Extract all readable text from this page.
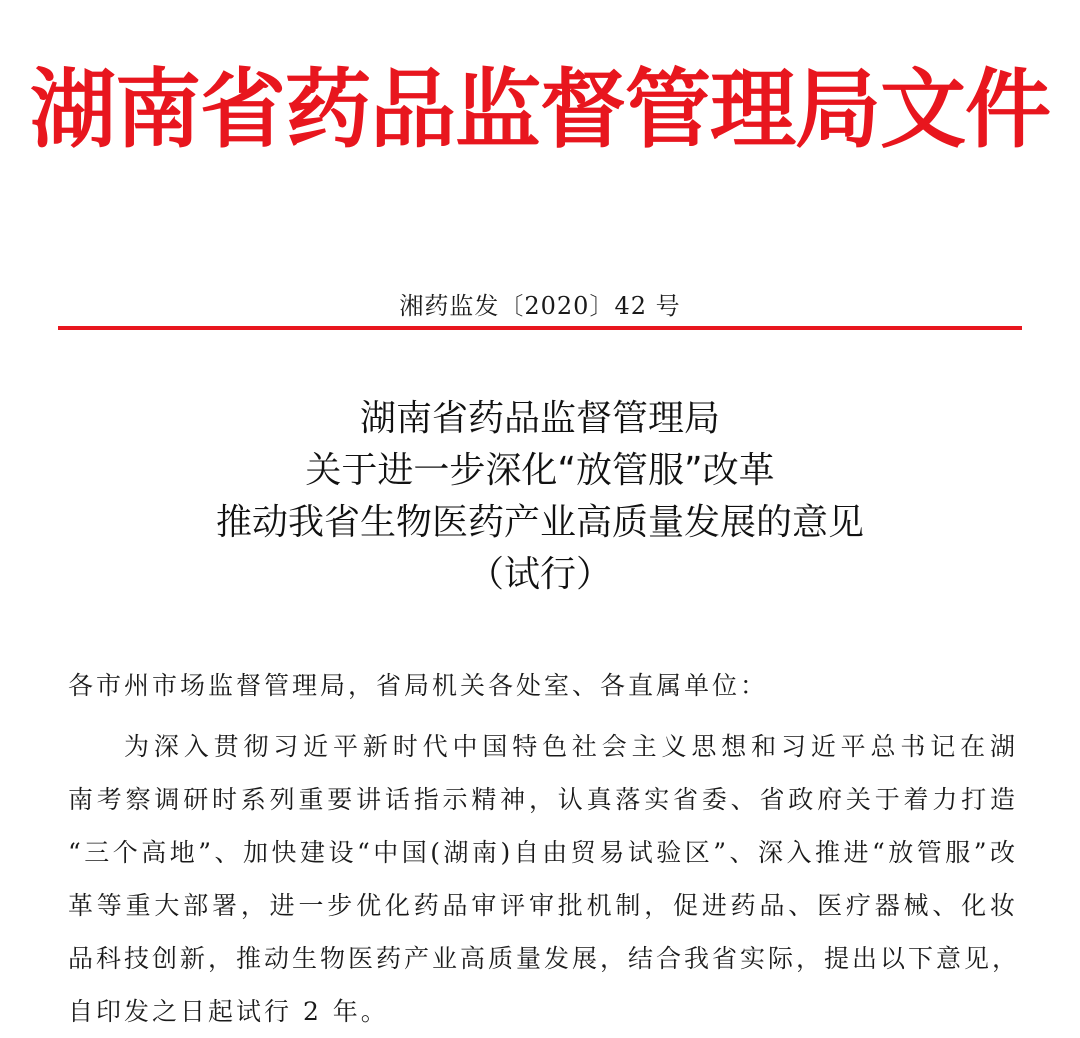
湖南省药品监督管理局文件
湘药监发〔2020〕42 号
湖南省药品监督管理局
关于进一步深化“放管服”改革
推动我省生物医药产业高质量发展的意见
（试行）
各市州市场监督管理局，省局机关各处室、各直属单位：
为深入贯彻习近平新时代中国特色社会主义思想和习近平总书记在湖
南考察调研时系列重要讲话指示精神，认真落实省委、省政府关于着力打造
“三个高地”、加快建设“中国(湖南)自由贸易试验区”、深入推进“放管服”改
革等重大部署，进一步优化药品审评审批机制，促进药品、医疗器械、化妆
品科技创新，推动生物医药产业高质量发展，结合我省实际，提出以下意见，
自印发之日起试行 2 年。
